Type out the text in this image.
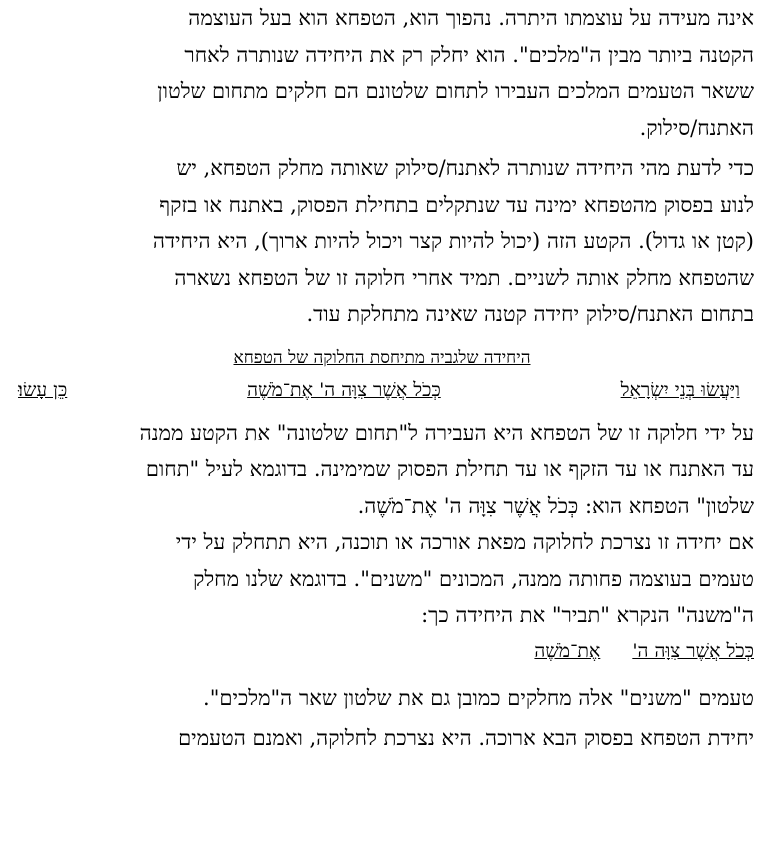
אינה מעידה על עוצמתו היתרה. נהפוך הוא, הטפחא הוא בעל העוצמה
הקטנה ביותר מבין ה"מלכים". הוא יחלק רק את היחידה שנותרה לאחר
ששאר הטעמים המלכים העבירו לתחום שלטונם הם חלקים מתחום שלטון
האתנח/סילוק.
כדי לדעת מהי היחידה שנותרה לאתנח/סילוק שאותה מחלק הטפחא, יש
לנוע בפסוק מהטפחא ימינה עד שנתקלים בתחילת הפסוק, באתנח או בזקף
(קטן או גדול). הקטע הזה (יכול להיות קצר ויכול להיות ארוך), היא היחידה
שהטפחא מחלק אותה לשניים. תמיד אחרי חלוקה זו של הטפחא נשארה
בתחום האתנח/סילוק יחידה קטנה שאינה מתחלקת עוד.
היחידה שלגביה מתיחסת החלוקה של הטפחא
וַיַּעֲשׂוּ בְּנֵי יִשְׂרָאֵל
כְּכֹל אֲשֶׁר צִוָּה ה' אֶת־מֹשֶׁה
כֵּן עָשׂוּ׃
על ידי חלוקה זו של הטפחא היא העבירה ל"תחום שלטונה" את הקטע ממנה
עד האתנח או עד הזקף או עד תחילת הפסוק שמימינה. בדוגמא לעיל "תחום
שלטון" הטפחא הוא: כְּכֹל אֲשֶׁר צִוָּה ה' אֶת־מֹשֶׁה.
אם יחידה זו נצרכת לחלוקה מפאת אורכה או תוכנה, היא תתחלק על ידי
טעמים בעוצמה פחותה ממנה, המכונים "משנים". בדוגמא שלנו מחלק
ה"משנה" הנקרא "תביר" את היחידה כך:
כְּכֹל אֲשֶׁר צִוָּה ה'
אֶת־מֹשֶׁה
טעמים "משנים" אלה מחלקים כמובן גם את שלטון שאר ה"מלכים".
יחידת הטפחא בפסוק הבא ארוכה. היא נצרכת לחלוקה, ואמנם הטעמים
